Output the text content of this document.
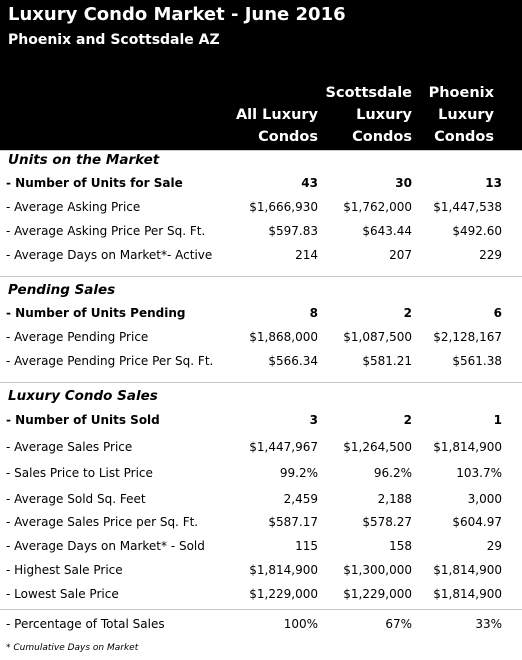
Luxury Condo Market - June 2016
Phoenix and Scottsdale AZ
All Luxury
Condos
Scottsdale
Luxury
Condos
Phoenix
Luxury
Condos
Units on the Market
- Number of Units for Sale	43	30	13
- Average Asking Price	$1,666,930	$1,762,000	$1,447,538
- Average Asking Price Per Sq. Ft.	$597.83	$643.44	$492.60
- Average Days on Market*- Active	214	207	229
Pending Sales
- Number of Units Pending	8	2	6
- Average Pending Price	$1,868,000	$1,087,500	$2,128,167
- Average Pending Price Per Sq. Ft.	$566.34	$581.21	$561.38
Luxury Condo Sales
- Number of Units Sold	3	2	1
- Average Sales Price	$1,447,967	$1,264,500	$1,814,900
- Sales Price to List Price	99.2%	96.2%	103.7%
- Average Sold Sq. Feet	2,459	2,188	3,000
- Average Sales Price per Sq. Ft.	$587.17	$578.27	$604.97
- Average Days on Market* - Sold	115	158	29
- Highest Sale Price	$1,814,900	$1,300,000	$1,814,900
- Lowest Sale Price	$1,229,000	$1,229,000	$1,814,900
- Percentage of Total Sales	100%	67%	33%
* Cumulative Days on Market
